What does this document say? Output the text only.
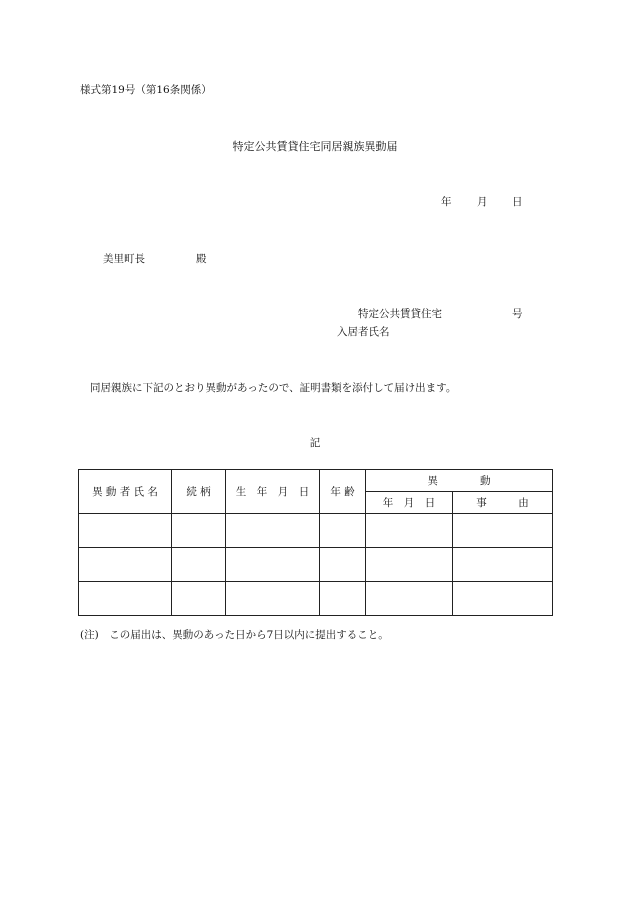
様式第19号（第16条関係）
特定公共賃貸住宅同居親族異動届
年 月 日
美里町長	殿
特定公共賃貸住宅	号
入居者氏名
同居親族に下記のとおり異動があったので、証明書類を添付して届け出ます。
記
異 動 者 氏 名	続 柄	生　年　月　日	年 齢	異　　　　動	
				年　月　日	事　　　由

(注)　この届出は、異動のあった日から7日以内に提出すること。
